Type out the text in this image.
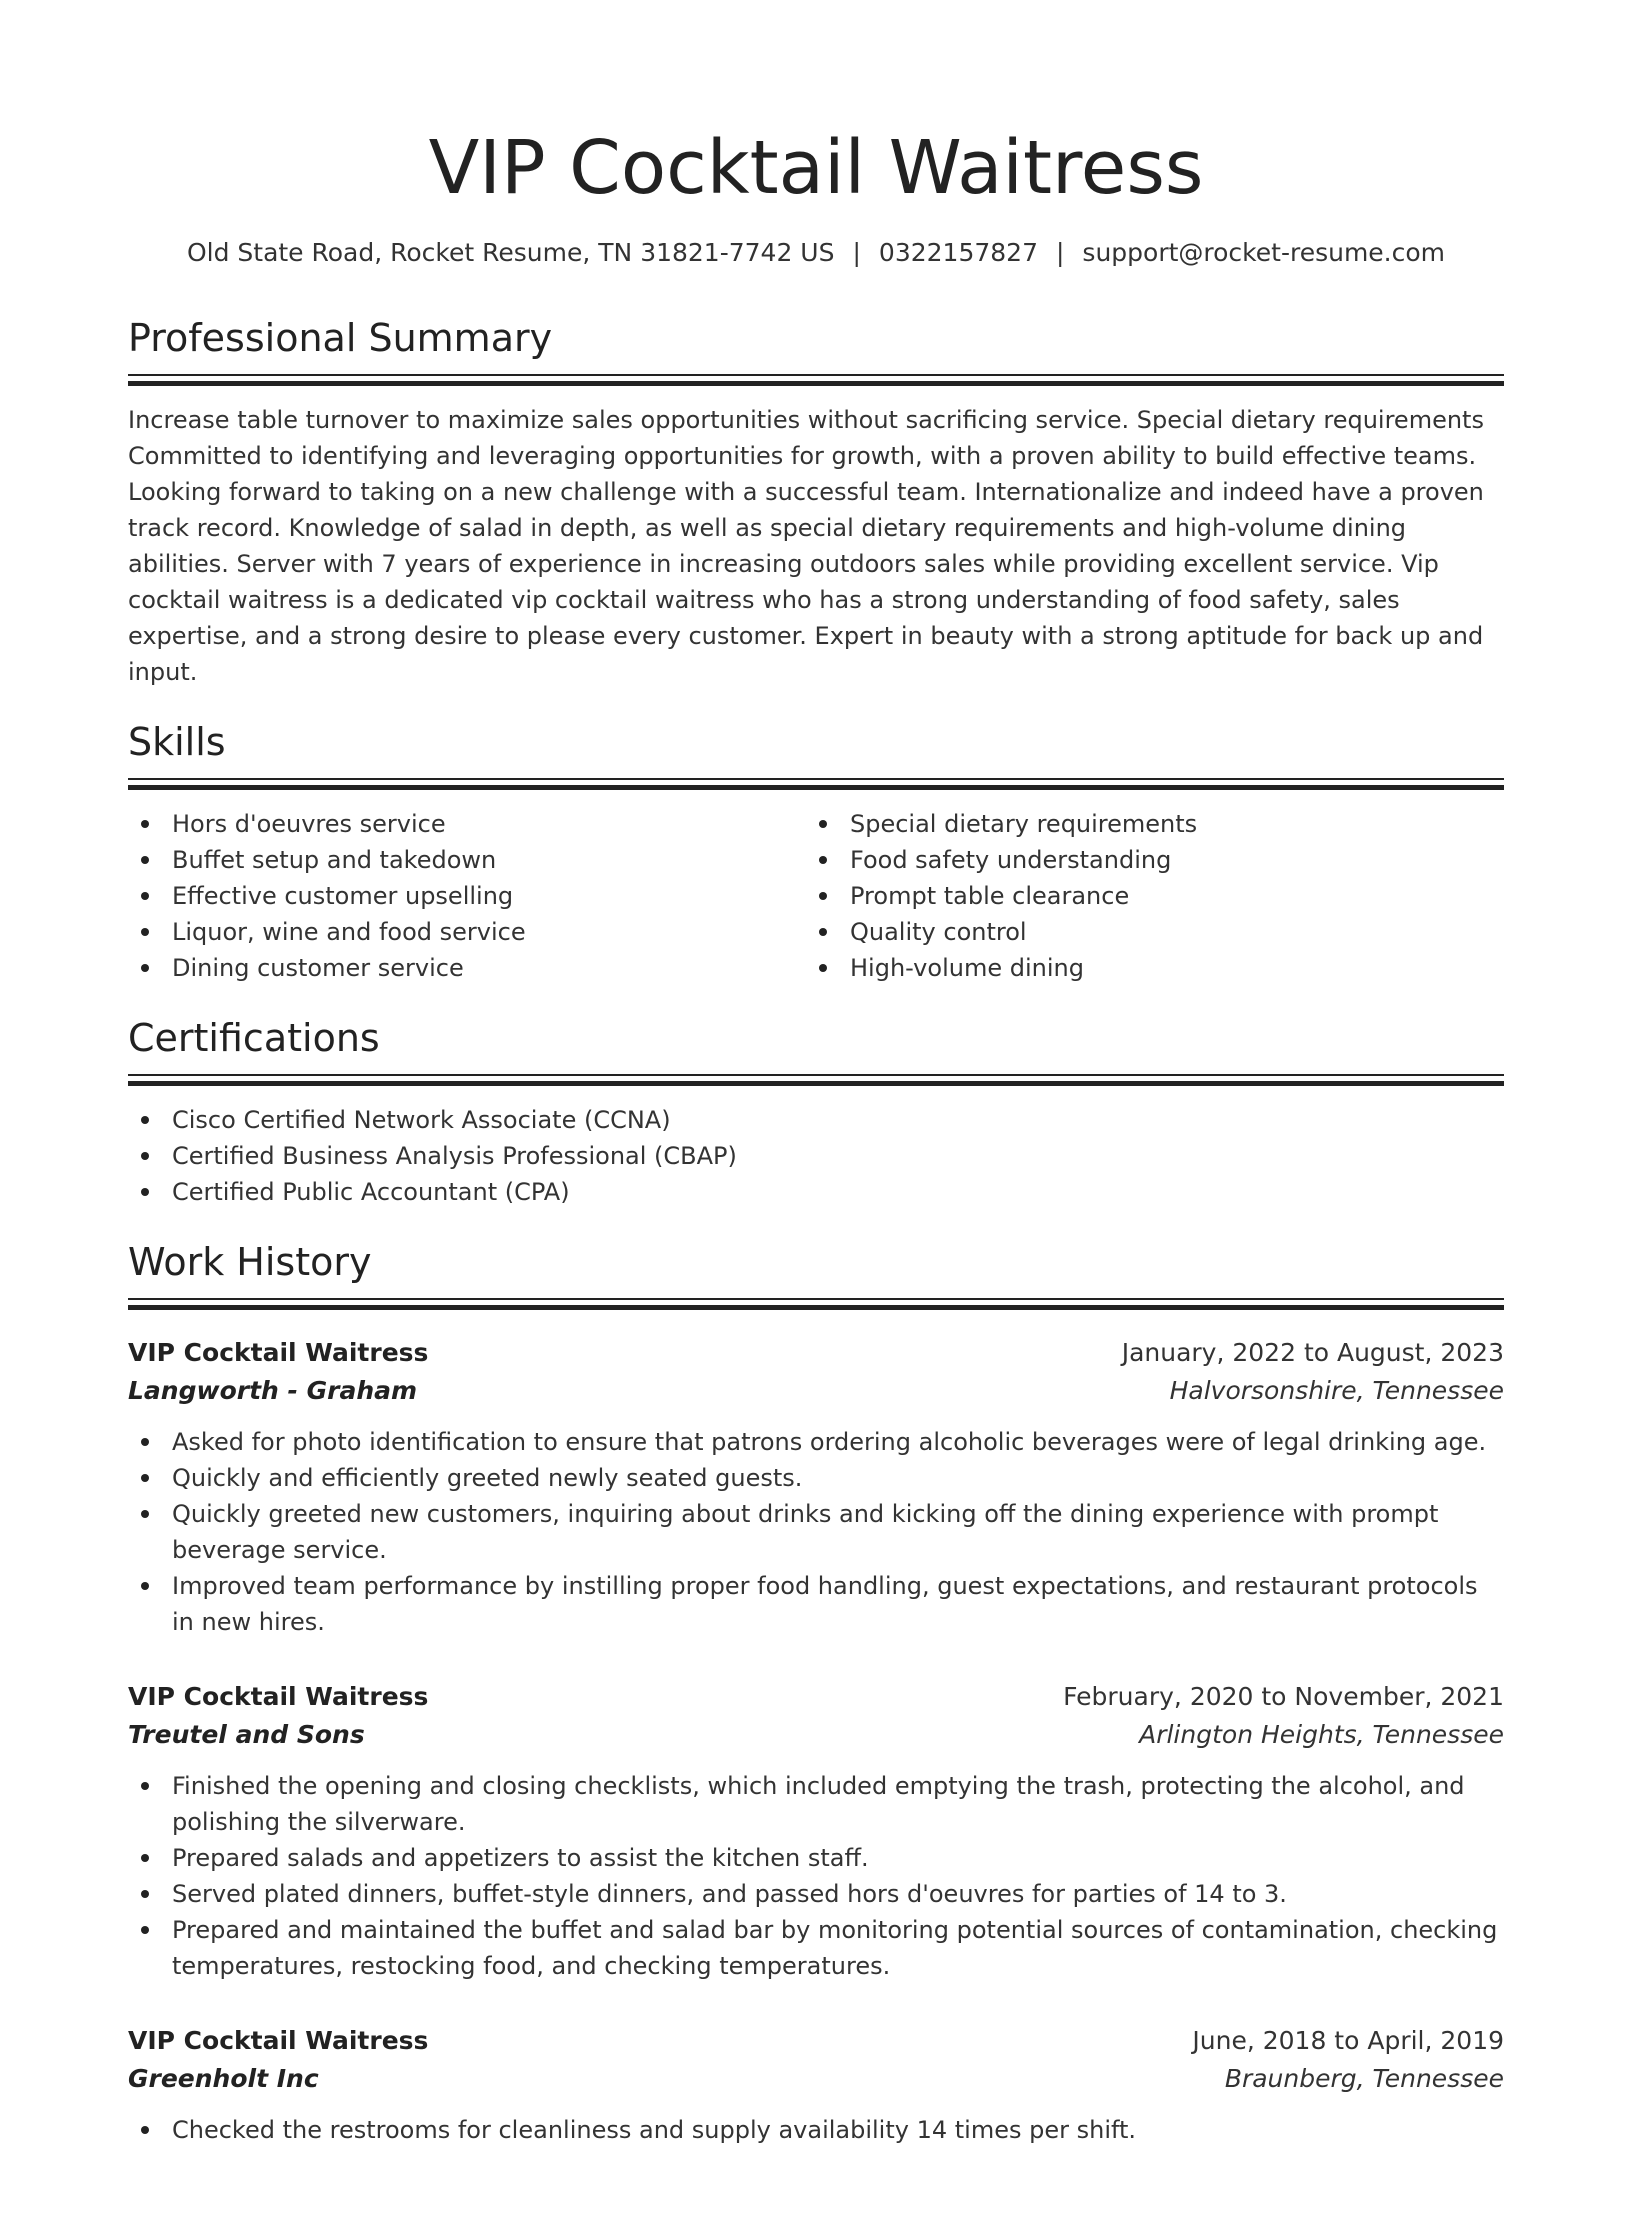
VIP Cocktail Waitress
Old State Road, Rocket Resume, TN 31821-7742 US | 0322157827 | support@rocket-resume.com
Professional Summary

Increase table turnover to maximize sales opportunities without sacrificing service. Special dietary requirements Committed to identifying and leveraging opportunities for growth, with a proven ability to build effective teams. Looking forward to taking on a new challenge with a successful team. Internationalize and indeed have a proven track record. Knowledge of salad in depth, as well as special dietary requirements and high-volume dining abilities. Server with 7 years of experience in increasing outdoors sales while providing excellent service. Vip cocktail waitress is a dedicated vip cocktail waitress who has a strong understanding of food safety, sales expertise, and a strong desire to please every customer. Expert in beauty with a strong aptitude for back up and input.

Skills
Hors d'oeuvres service
Buffet setup and takedown
Effective customer upselling
Liquor, wine and food service
Dining customer service
Special dietary requirements
Food safety understanding
Prompt table clearance
Quality control
High-volume dining
Certifications
Cisco Certified Network Associate (CCNA)
Certified Business Analysis Professional (CBAP)
Certified Public Accountant (CPA)
Work History
VIP Cocktail Waitress	January, 2022 to August, 2023
Langworth - Graham	Halvorsonshire, Tennessee
Asked for photo identification to ensure that patrons ordering alcoholic beverages were of legal drinking age.
Quickly and efficiently greeted newly seated guests.
Quickly greeted new customers, inquiring about drinks and kicking off the dining experience with prompt beverage service.
Improved team performance by instilling proper food handling, guest expectations, and restaurant protocols in new hires.
VIP Cocktail Waitress	February, 2020 to November, 2021
Treutel and Sons	Arlington Heights, Tennessee
Finished the opening and closing checklists, which included emptying the trash, protecting the alcohol, and polishing the silverware.
Prepared salads and appetizers to assist the kitchen staff.
Served plated dinners, buffet-style dinners, and passed hors d'oeuvres for parties of 14 to 3.
Prepared and maintained the buffet and salad bar by monitoring potential sources of contamination, checking temperatures, restocking food, and checking temperatures.
VIP Cocktail Waitress	June, 2018 to April, 2019
Greenholt Inc	Braunberg, Tennessee
Checked the restrooms for cleanliness and supply availability 14 times per shift.
